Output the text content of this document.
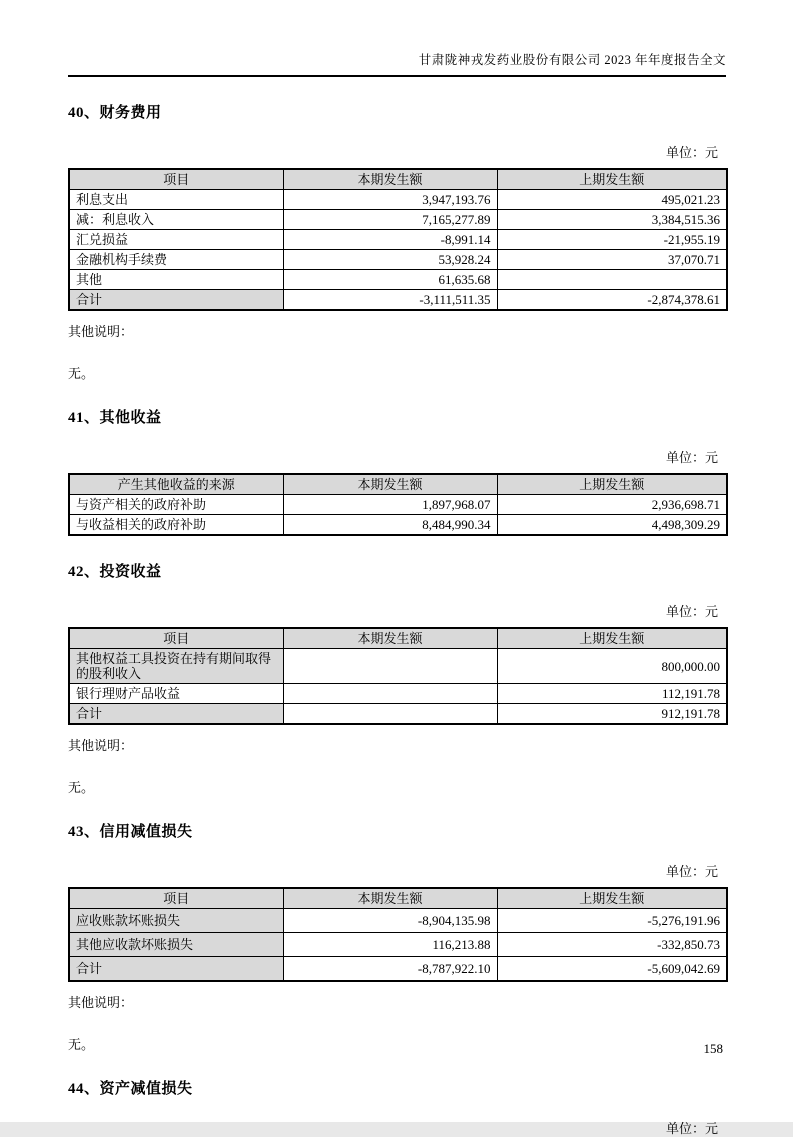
甘肃陇神戎发药业股份有限公司 2023 年年度报告全文
40、财务费用
单位：元
项目	本期发生额	上期发生额
利息支出	3,947,193.76	495,021.23
减：利息收入	7,165,277.89	3,384,515.36
汇兑损益	-8,991.14	-21,955.19
金融机构手续费	53,928.24	37,070.71
其他	61,635.68	
合计	-3,111,511.35	-2,874,378.61
其他说明：
无。
41、其他收益
单位：元
产生其他收益的来源	本期发生额	上期发生额
与资产相关的政府补助	1,897,968.07	2,936,698.71
与收益相关的政府补助	8,484,990.34	4,498,309.29
42、投资收益
单位：元
项目	本期发生额	上期发生额
其他权益工具投资在持有期间取得的股利收入		800,000.00
银行理财产品收益		112,191.78
合计		912,191.78
其他说明：
无。
43、信用减值损失
单位：元
项目	本期发生额	上期发生额
应收账款坏账损失	-8,904,135.98	-5,276,191.96
其他应收款坏账损失	116,213.88	-332,850.73
合计	-8,787,922.10	-5,609,042.69
其他说明：
无。
44、资产减值损失
单位：元
158
